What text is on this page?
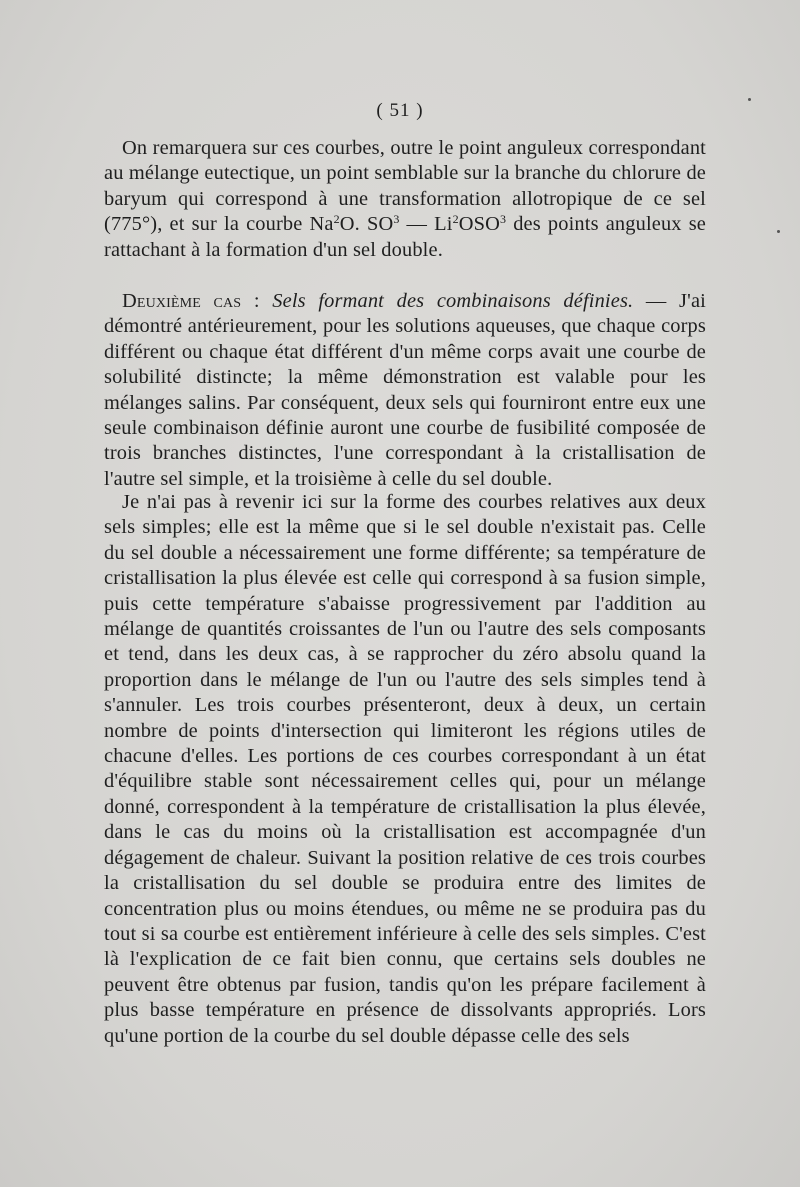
( 51 )

On remarquera sur ces courbes, outre le point anguleux correspondant au mélange eutectique, un point semblable sur la branche du chlorure de baryum qui correspond à une transformation allotropique de ce sel (775°), et sur la courbe Na$^2$O. $SO^3$ — Li$^2$OSO$^3$ des points anguleux se rattachant à la formation d'un sel double.

Deuxième cas : Sels formant des combinaisons définies. — J'ai démontré antérieurement, pour les solutions aqueuses, que chaque corps différent ou chaque état différent d'un même corps avait une courbe de solubilité distincte; la même démonstration est valable pour les mélanges salins. Par conséquent, deux sels qui fourniront entre eux une seule combinaison définie auront une courbe de fusibilité composée de trois branches distinctes, l'une correspondant à la cristallisation de l'autre sel simple, et la troisième à celle du sel double.

Je n'ai pas à revenir ici sur la forme des courbes relatives aux deux sels simples; elle est la même que si le sel double n'existait pas. Celle du sel double a nécessairement une forme différente; sa température de cristallisation la plus élevée est celle qui correspond à sa fusion simple, puis cette température s'abaisse progressivement par l'addition au mélange de quantités croissantes de l'un ou l'autre des sels composants et tend, dans les deux cas, à se rapprocher du zéro absolu quand la proportion dans le mélange de l'un ou l'autre des sels simples tend à s'annuler. Les trois courbes présenteront, deux à deux, un certain nombre de points d'intersection qui limiteront les régions utiles de chacune d'elles. Les portions de ces courbes correspondant à un état d'équilibre stable sont nécessairement celles qui, pour un mélange donné, correspondent à la température de cristallisation la plus élevée, dans le cas du moins où la cristallisation est accompagnée d'un dégagement de chaleur. Suivant la position relative de ces trois courbes la cristallisation du sel double se produira entre des limites de concentration plus ou moins étendues, ou même ne se produira pas du tout si sa courbe est entièrement inférieure à celle des sels simples. C'est là l'explication de ce fait bien connu, que certains sels doubles ne peuvent être obtenus par fusion, tandis qu'on les prépare facilement à plus basse température en présence de dissolvants appropriés. Lors qu'une portion de la courbe du sel double dépasse celle des sels
